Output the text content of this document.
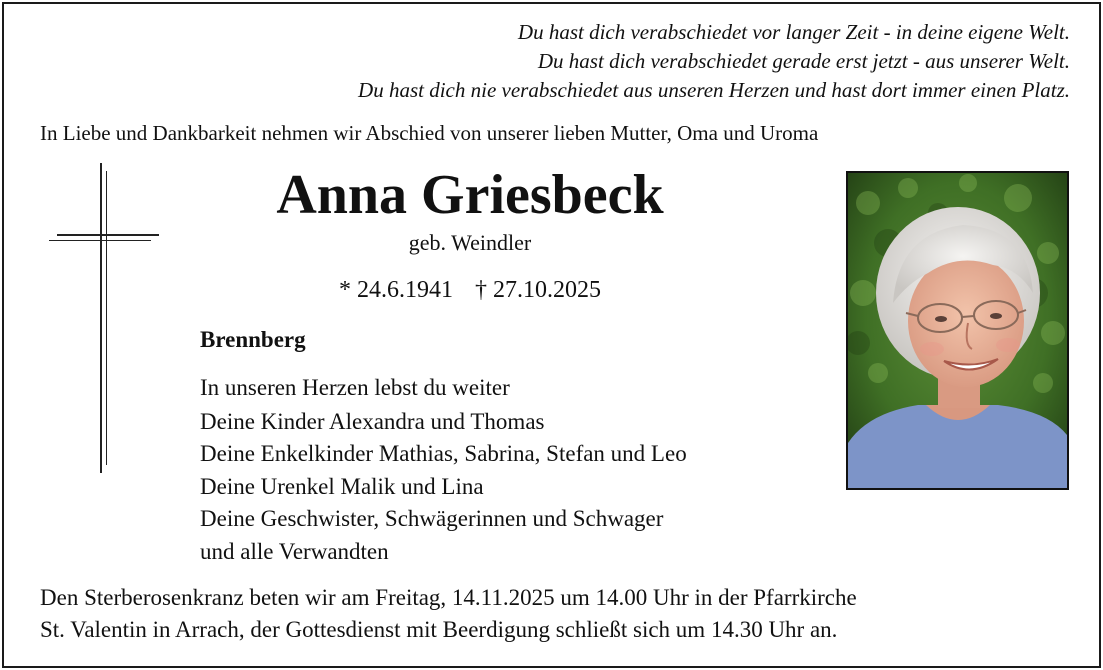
Du hast dich verabschiedet vor langer Zeit - in deine eigene Welt.
Du hast dich verabschiedet gerade erst jetzt - aus unserer Welt.
Du hast dich nie verabschiedet aus unseren Herzen und hast dort immer einen Platz.
In Liebe und Dankbarkeit nehmen wir Abschied von unserer lieben Mutter, Oma und Uroma
Anna Griesbeck
geb. Weindler
* 24.6.1941 † 27.10.2025
Brennberg
In unseren Herzen lebst du weiter
Deine Kinder Alexandra und Thomas
Deine Enkelkinder Mathias, Sabrina, Stefan und Leo
Deine Urenkel Malik und Lina
Deine Geschwister, Schwägerinnen und Schwager
und alle Verwandten
Den Sterberosenkranz beten wir am Freitag, 14.11.2025 um 14.00 Uhr in der Pfarrkirche
St. Valentin in Arrach, der Gottesdienst mit Beerdigung schließt sich um 14.30 Uhr an.
